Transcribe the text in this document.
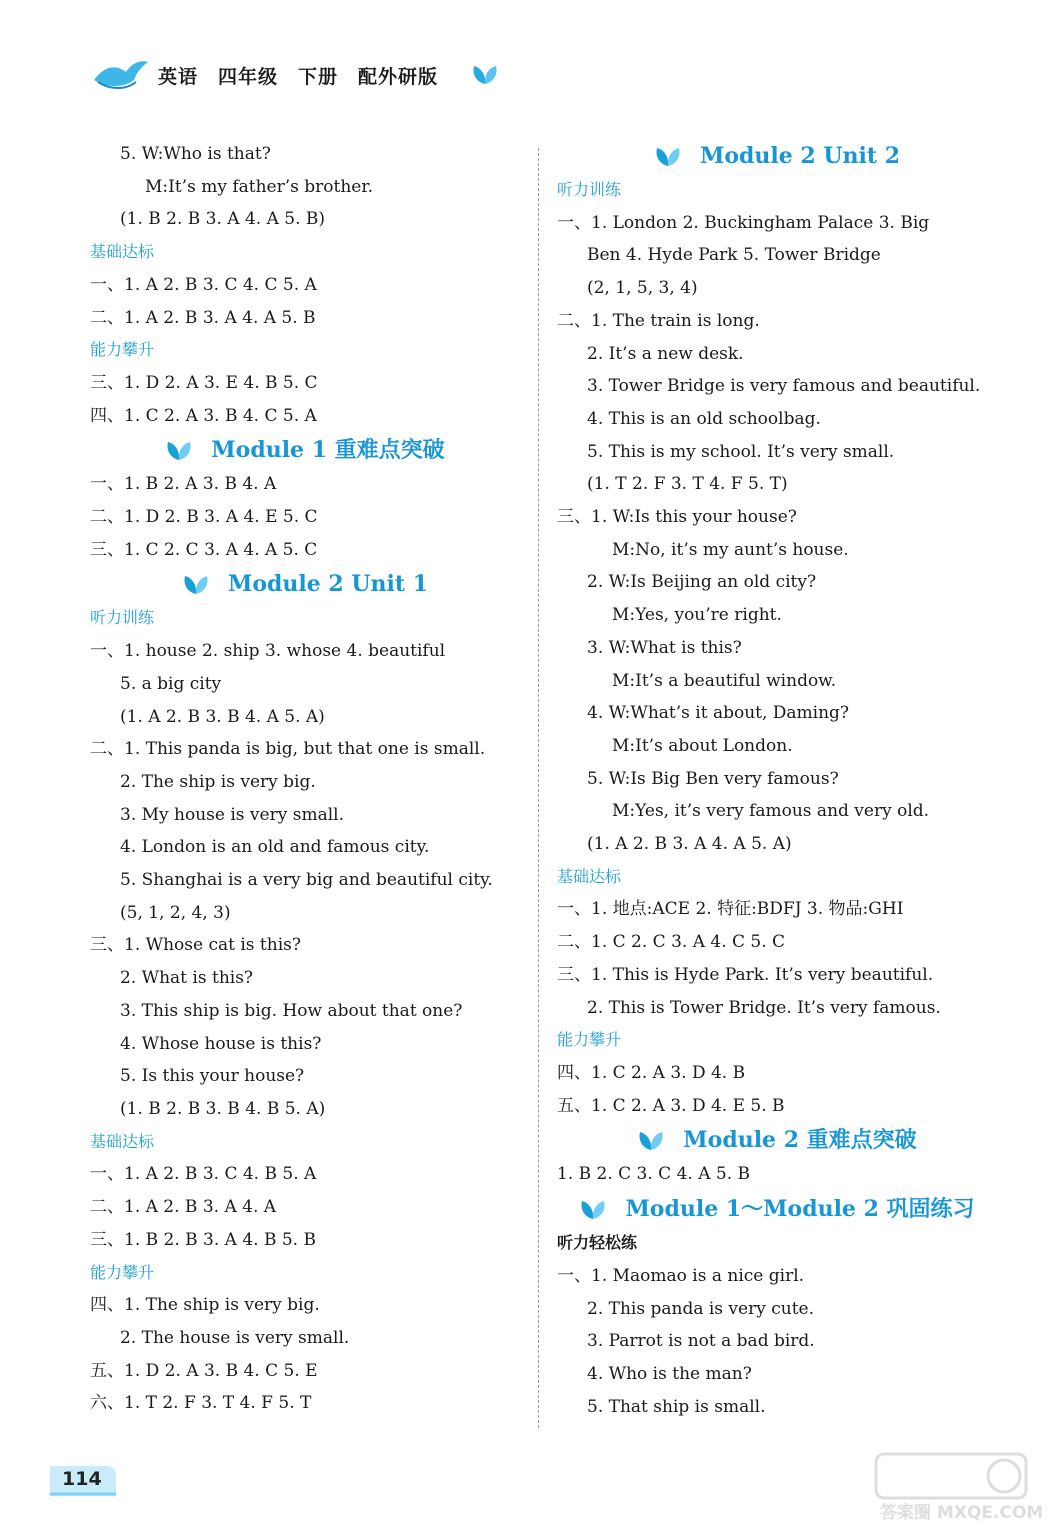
英语 四年级 下册 配外研版
5. W:Who is that?
M:It’s my father’s brother.
(1. B 2. B 3. A 4. A 5. B)
基础达标
一、1. A 2. B 3. C 4. C 5. A
二、1. A 2. B 3. A 4. A 5. B
能力攀升
三、1. D 2. A 3. E 4. B 5. C
四、1. C 2. A 3. B 4. C 5. A
Module 1 重难点突破
一、1. B 2. A 3. B 4. A
二、1. D 2. B 3. A 4. E 5. C
三、1. C 2. C 3. A 4. A 5. C
Module 2 Unit 1
听力训练
一、1. house 2. ship 3. whose 4. beautiful
5. a big city
(1. A 2. B 3. B 4. A 5. A)
二、1. This panda is big, but that one is small.
2. The ship is very big.
3. My house is very small.
4. London is an old and famous city.
5. Shanghai is a very big and beautiful city.
(5, 1, 2, 4, 3)
三、1. Whose cat is this?
2. What is this?
3. This ship is big. How about that one?
4. Whose house is this?
5. Is this your house?
(1. B 2. B 3. B 4. B 5. A)
基础达标
一、1. A 2. B 3. C 4. B 5. A
二、1. A 2. B 3. A 4. A
三、1. B 2. B 3. A 4. B 5. B
能力攀升
四、1. The ship is very big.
2. The house is very small.
五、1. D 2. A 3. B 4. C 5. E
六、1. T 2. F 3. T 4. F 5. T
Module 2 Unit 2
听力训练
一、1. London 2. Buckingham Palace 3. Big
Ben 4. Hyde Park 5. Tower Bridge
(2, 1, 5, 3, 4)
二、1. The train is long.
2. It’s a new desk.
3. Tower Bridge is very famous and beautiful.
4. This is an old schoolbag.
5. This is my school. It’s very small.
(1. T 2. F 3. T 4. F 5. T)
三、1. W:Is this your house?
M:No, it’s my aunt’s house.
2. W:Is Beijing an old city?
M:Yes, you’re right.
3. W:What is this?
M:It’s a beautiful window.
4. W:What’s it about, Daming?
M:It’s about London.
5. W:Is Big Ben very famous?
M:Yes, it’s very famous and very old.
(1. A 2. B 3. A 4. A 5. A)
基础达标
一、1. 地点:ACE 2. 特征:BDFJ 3. 物品:GHI
二、1. C 2. C 3. A 4. C 5. C
三、1. This is Hyde Park. It’s very beautiful.
2. This is Tower Bridge. It’s very famous.
能力攀升
四、1. C 2. A 3. D 4. B
五、1. C 2. A 3. D 4. E 5. B
Module 2 重难点突破
1. B 2. C 3. C 4. A 5. B
Module 1～Module 2 巩固练习
听力轻松练
一、1. Maomao is a nice girl.
2. This panda is very cute.
3. Parrot is not a bad bird.
4. Who is the man?
5. That ship is small.
114
答案圈 MXQE.COM
